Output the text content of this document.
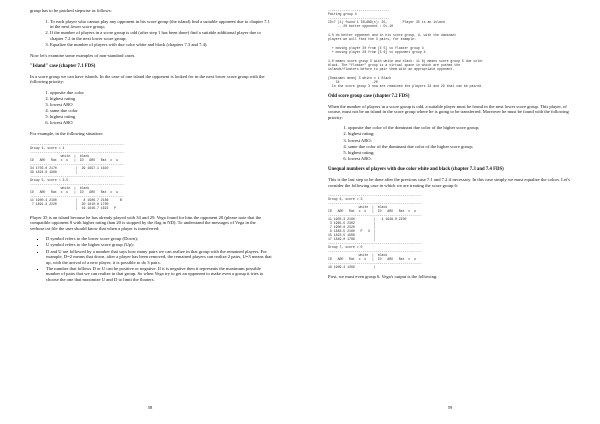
group has to be patched stepwise as follows:

1. To each player who cannot play any opponent in his score group (the island) find a suitable opponent due to chapter 7.1 in the next lower score group;
2. If the number of players in a score group is odd (after step 1 has been done) find a suitable additional player due to chapter 7.2 in the next lower score group;
3. Equalize the number of players with due color white and black (chapters 7.3 and 7.4).

Now let's examine some examples of non-standard cases.

"Island" case (chapter 7.1 FDS)

In a score group we can have islands. In the case of one island the opponent is looked for in the next lower score group with the following priority:

1. opposite due color
2. highest rating
3. lowest ARO
4. same due color
5. highest rating
6. lowest ARO

For example, in the following situation:

-------------------------------------------------
Group 4, score = 4
-------------------------------------------------
white  |  black
ID   ARO   Rat  c  u   |  ID   ARO   Rat  c  u
-------------------------------------------------
34 1703.0 2170          |  29 1697.1 1610
39 1824.0 1988          |
-------------------------------------------------
Group 5, score = 3.5
-------------------------------------------------
white  |  black
ID   ARO   Rat  c  u   |  ID   ARO   Rat  c  u
-------------------------------------------------
11 1900.4 2190          |   8 1906.7 2186      B
7 1891.3 2220          |  20 1810.8 1700
|  19 1846.7 1622   P

Player 35 is an island because he has already played with 34 and 29. Vega found for him the opponent 20 (please note that the compatible opponent 8 with higher rating than 20 is stopped by the flag in ND). To understand the messages of Vega in the verbose.txt file the user should know that when a player is transferred:

▪ D symbol refers to the lower score group (Down);
▪ U symbol refers to the higher score group (Up);
▪ D and U are followed by a number that says how many pairs we can realize in that group with the remained players. For example, D=2 means that down, after a player has been removed, the remained players can realize 2 pairs, U=3 means that up, with the arrival of a new player, it is possible to do 3 pairs.
▪ The number that follows D or U can be positive or negative. If it is negative then it represents the maximum possible number of pairs that we can realize in that group. So when Vega try to get an opponent to make even a group it tries to choose the one that maximize U and D to limit the floaters.
58
--------------------------------
Pairing group 4
--------------------------------
ID=7 (1) found 1 ISLAND(s): 35,        Player 35 is an island
.. 20 better opponent : D=-10
1.0 do better opponent and in his score group, U, with the dominant
players we will find the 3 pairs, for example:
+ moving player 20 from [4 5] to floater group 4
+ moving player 20 from [5 6] to opponent group 4
1.0 means score group 5 with white and black: 11 8) means score group 5 due color
black. The "floater" group is a virtual space in which are pushed the
islands/floaters before to pair them with an appropriate opponent.
[Dominant mean] 3 white x 1 Black
34                 -20
In the score group 3 now are remained the players 34 and 29 that can be paired.

Odd score group case (chapter 7.2 FDS)

When the number of players in a score group is odd, a suitable player must be found in the next lower score group. This player, of course, must not be an island in the score group where he is going to be transferred. Moreover he must be found with the following priority:

1. opposite due color of the dominant due color of the higher score group;
2. highest rating;
3. lowest ARO;
4. same due color of the dominant due color of the higher score group;
5. highest rating;
6. lowest ARO.

Unequal numbers of players with due color white and black (chapter 7.3 and 7.4 FDS)

This is the last step to be done after the previous case 7.1 and 7.2 if necessary. In this case simply we must equalize the colors. Let's consider the following case in which we are treating the score group 6:

-------------------------------------------------
Group 6, score = 3
-------------------------------------------------
white  |  black
ID   ARO   Rat  c  u   |  ID   ARO   Rat  c  u
-------------------------------------------------
11 1903.3 2190          |   4 1948.0 2230
3 1965.5 2302          |
7 1900.0 2320          |
9 1883.5 2160   P   U  |
15 1823.5 1908          |
17 1849.0 1788          |
-------------------------------------------------
Group 7, score = 0
-------------------------------------------------
white  |  black
ID   ARO   Rat  c  u   |  ID   ARO   Rat  c  u
-------------------------------------------------
18 1909.4 1309          |

First, we must even group 6. Vega's output is the following:

59
